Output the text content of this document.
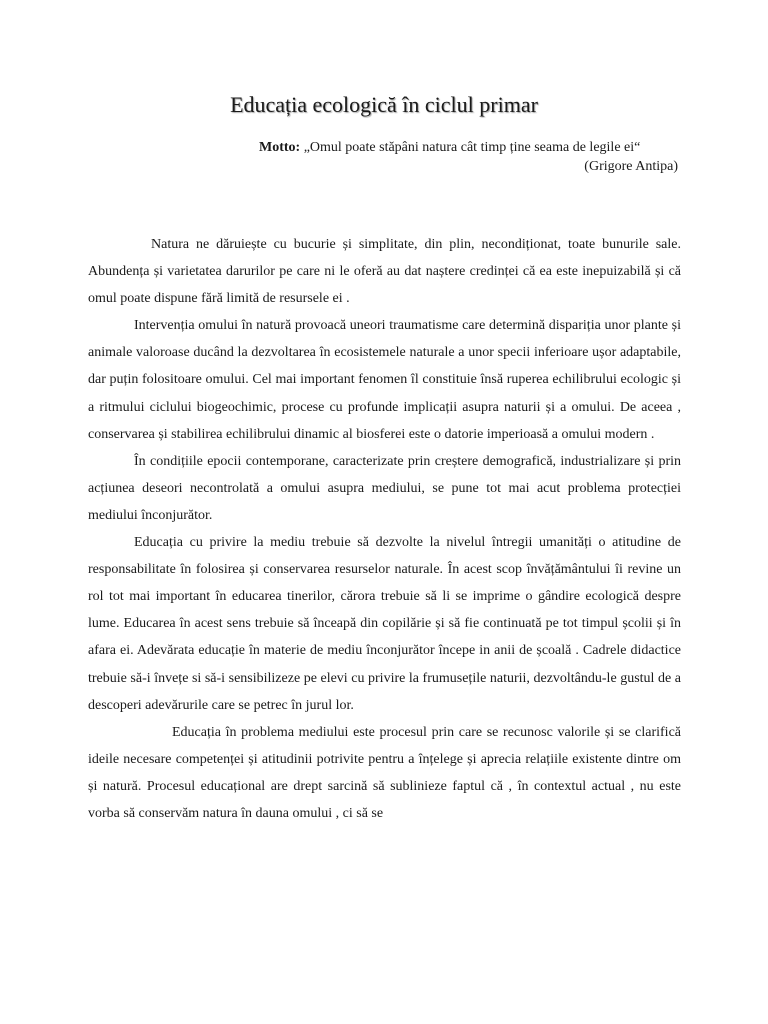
Educația ecologică în ciclul primar
Motto: „Omul poate stăpâni natura cât timp ține seama de legile ei“
(Grigore Antipa)

Natura ne dăruiește cu bucurie și simplitate, din plin, necondiționat, toate bunurile sale. Abundența și varietatea darurilor pe care ni le oferă au dat naștere credinței că ea este inepuizabilă și că omul poate dispune fără limită de resursele ei .

Intervenția omului în natură provoacă uneori traumatisme care determină dispariția unor plante și animale valoroase ducând la dezvoltarea în ecosistemele naturale a unor specii inferioare ușor adaptabile, dar puțin folositoare omului. Cel mai important fenomen îl constituie însă ruperea echilibrului ecologic și a ritmului ciclului biogeochimic, procese cu profunde implicații asupra naturii și a omului. De aceea , conservarea și stabilirea echilibrului dinamic al biosferei este o datorie imperioasă a omului modern .

În condițiile epocii contemporane, caracterizate prin creștere demografică, industrializare și prin acțiunea deseori necontrolată a omului asupra mediului, se pune tot mai acut problema protecției mediului înconjurător.

Educația cu privire la mediu trebuie să dezvolte la nivelul întregii umanități o atitudine de responsabilitate în folosirea și conservarea resurselor naturale. În acest scop învățământului îi revine un rol tot mai important în educarea tinerilor, cărora trebuie să li se imprime o gândire ecologică despre lume. Educarea în acest sens trebuie să înceapă din copilărie și să fie continuată pe tot timpul școlii și în afara ei. Adevărata educație în materie de mediu înconjurător începe in anii de școală . Cadrele didactice trebuie să-i învețe si să-i sensibilizeze pe elevi cu privire la frumusețile naturii, dezvoltându-le gustul de a descoperi adevărurile care se petrec în jurul lor.

Educația în problema mediului este procesul prin care se recunosc valorile și se clarifică ideile necesare competenței și atitudinii potrivite pentru a înțelege și aprecia relațiile existente dintre om și natură. Procesul educațional are drept sarcină să sublinieze faptul că , în contextul actual , nu este vorba să conservăm natura în dauna omului , ci să se
